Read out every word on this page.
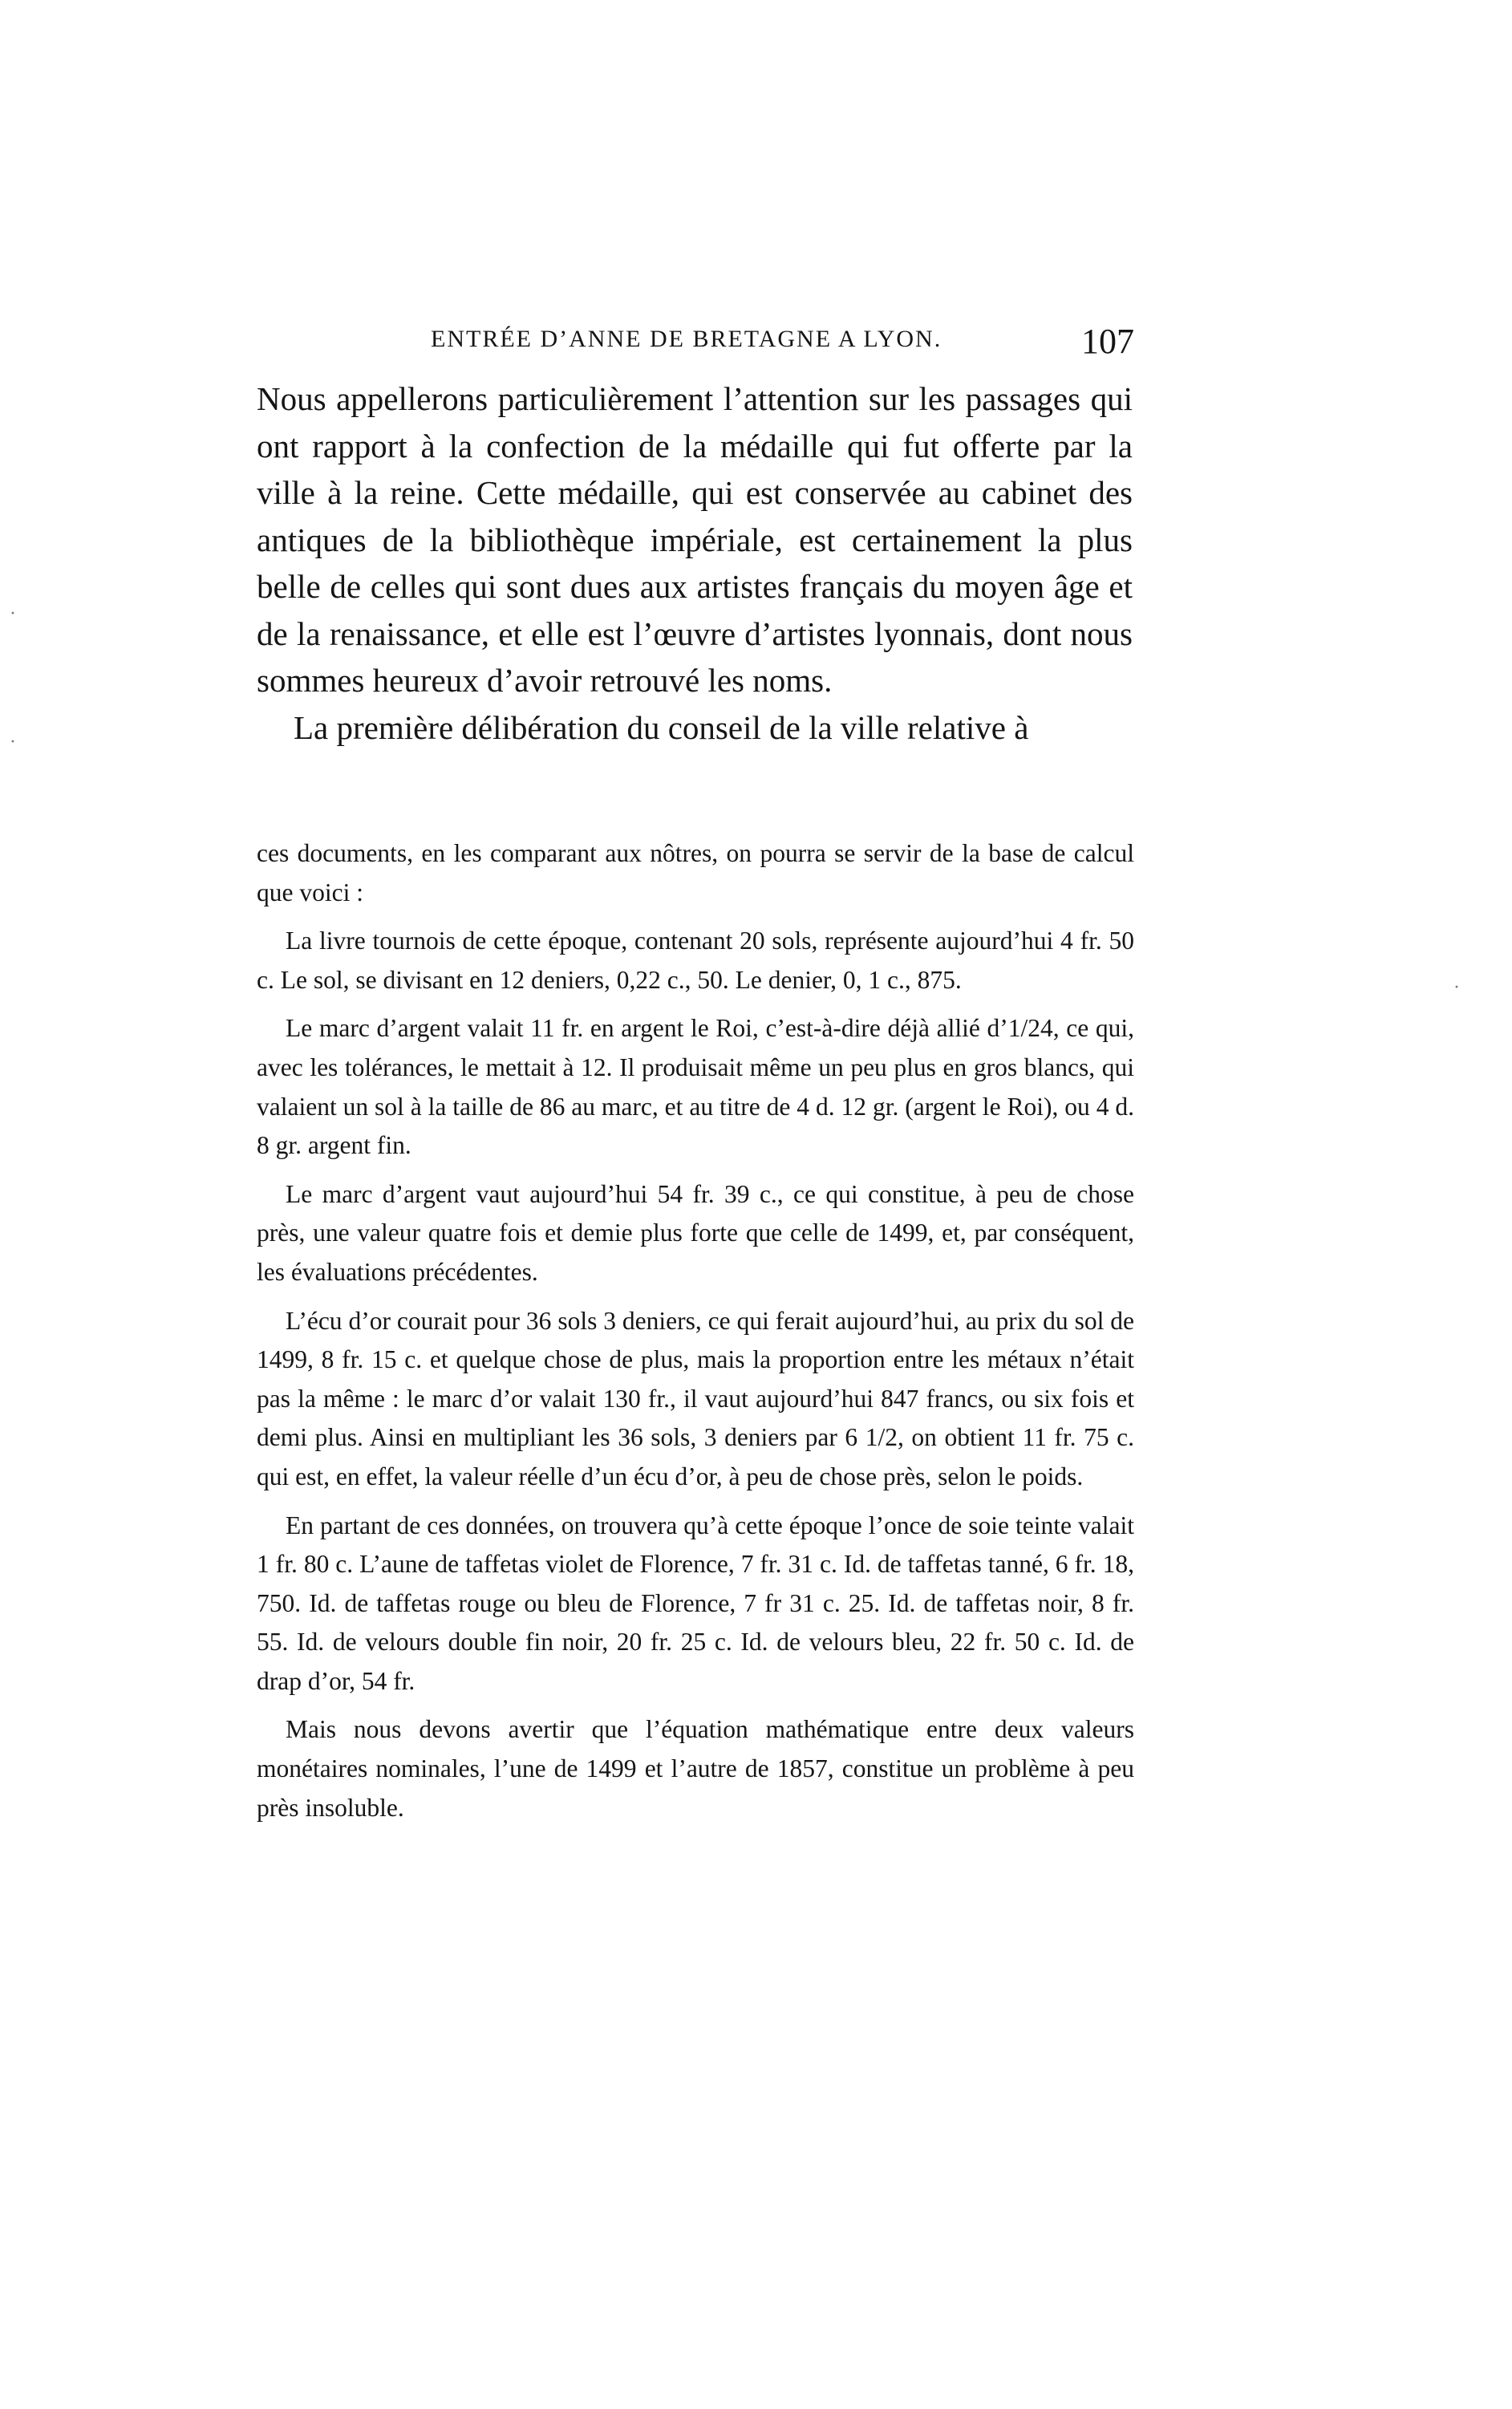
ENTRÉE D’ANNE DE BRETAGNE A LYON.	107

Nous appellerons particulièrement l’attention sur les passages qui ont rapport à la confection de la médaille qui fut offerte par la ville à la reine. Cette médaille, qui est conservée au cabinet des antiques de la bibliothèque impériale, est certainement la plus belle de celles qui sont dues aux artistes français du moyen âge et de la renaissance, et elle est l’œuvre d’artistes lyonnais, dont nous sommes heureux d’avoir retrouvé les noms.

La première délibération du conseil de la ville relative à

ces documents, en les comparant aux nôtres, on pourra se servir de la base de calcul que voici :

La livre tournois de cette époque, contenant 20 sols, représente aujourd’hui 4 fr. 50 c. Le sol, se divisant en 12 deniers, 0,22 c., 50. Le denier, 0, 1 c., 875.

Le marc d’argent valait 11 fr. en argent le Roi, c’est-à-dire déjà allié d’1/24, ce qui, avec les tolérances, le mettait à 12. Il produisait même un peu plus en gros blancs, qui valaient un sol à la taille de 86 au marc, et au titre de 4 d. 12 gr. (argent le Roi), ou 4 d. 8 gr. argent fin.

Le marc d’argent vaut aujourd’hui 54 fr. 39 c., ce qui constitue, à peu de chose près, une valeur quatre fois et demie plus forte que celle de 1499, et, par conséquent, les évaluations précédentes.

L’écu d’or courait pour 36 sols 3 deniers, ce qui ferait aujourd’hui, au prix du sol de 1499, 8 fr. 15 c. et quelque chose de plus, mais la proportion entre les métaux n’était pas la même : le marc d’or valait 130 fr., il vaut aujourd’hui 847 francs, ou six fois et demi plus. Ainsi en multipliant les 36 sols, 3 deniers par 6 1/2, on obtient 11 fr. 75 c. qui est, en effet, la valeur réelle d’un écu d’or, à peu de chose près, selon le poids.

En partant de ces données, on trouvera qu’à cette époque l’once de soie teinte valait 1 fr. 80 c. L’aune de taffetas violet de Florence, 7 fr. 31 c. Id. de taffetas tanné, 6 fr. 18, 750. Id. de taffetas rouge ou bleu de Florence, 7 fr 31 c. 25. Id. de taffetas noir, 8 fr. 55. Id. de velours double fin noir, 20 fr. 25 c. Id. de velours bleu, 22 fr. 50 c. Id. de drap d’or, 54 fr.

Mais nous devons avertir que l’équation mathématique entre deux valeurs monétaires nominales, l’une de 1499 et l’autre de 1857, constitue un problème à peu près insoluble.

·
·
·
